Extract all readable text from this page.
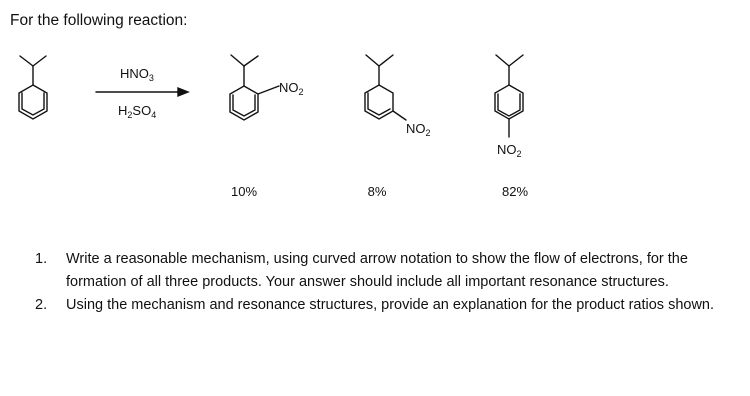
For the following reaction:
$HNO_3$
$H_2SO_4$
$NO_2$
$NO_2$
$NO_2$
10%	8%	82%
1.	Write a reasonable mechanism, using curved arrow notation to show the flow of electrons, for the formation of all three products. Your answer should include all important resonance structures.
2.	Using the mechanism and resonance structures, provide an explanation for the product ratios shown.
